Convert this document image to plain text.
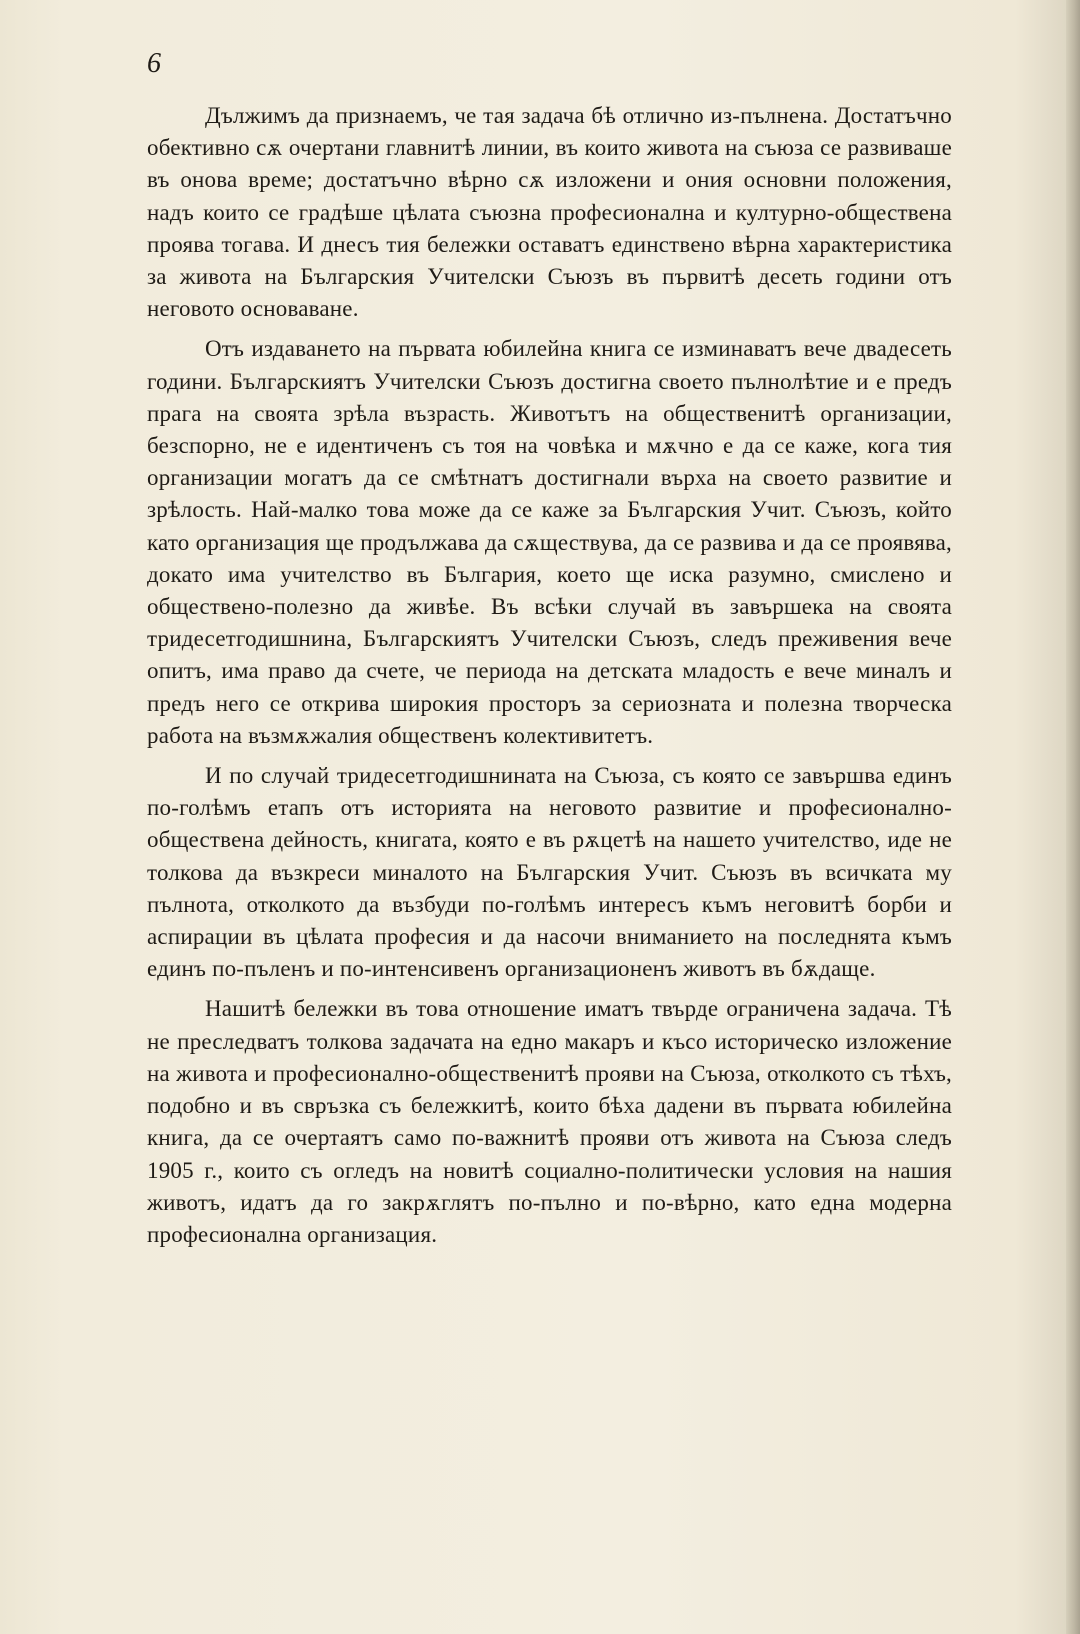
6

Дължимъ да признаемъ, че тая задача бѣ отлично из-пълнена. Достатъчно обективно сѫ очертани главнитѣ линии, въ които живота на съюза се развиваше въ онова време; достатъчно вѣрно сѫ изложени и ония основни положения, надъ които се градѣше цѣлата съюзна професионална и културно-обществена проява тогава. И днесъ тия бележки оставатъ единствено вѣрна характеристика за живота на Българския Учителски Съюзъ въ първитѣ десеть години отъ неговото основаване.

Отъ издаването на първата юбилейна книга се изминаватъ вече двадесеть години. Българскиятъ Учителски Съюзъ достигна своето пълнолѣтие и е предъ прага на своята зрѣла възрасть. Животътъ на общественитѣ организации, безспорно, не е идентиченъ съ тоя на човѣка и мѫчно е да се каже, кога тия организации могатъ да се смѣтнатъ достигнали върха на своето развитие и зрѣлость. Най-малко това може да се каже за Българския Учит. Съюзъ, който като организация ще продължава да сѫществува, да се развива и да се проявява, докато има учителство въ България, което ще иска разумно, смислено и обществено-полезно да живѣе. Въ всѣки случай въ завършека на своята тридесетгодишнина, Българскиятъ Учителски Съюзъ, следъ преживения вече опитъ, има право да счете, че периода на детската младость е вече миналъ и предъ него се открива широкия просторъ за сериозната и полезна творческа работа на възмѫжалия общественъ колективитетъ.

И по случай тридесетгодишнината на Съюза, съ която се завършва единъ по-голѣмъ етапъ отъ историята на неговото развитие и професионално-обществена дейность, книгата, която е въ рѫцетѣ на нашето учителство, иде не толкова да възкреси миналото на Българския Учит. Съюзъ въ всичката му пълнота, отколкото да възбуди по-голѣмъ интересъ къмъ неговитѣ борби и аспирации въ цѣлата професия и да насочи вниманието на последнята къмъ единъ по-пъленъ и по-интенсивенъ организационенъ животъ въ бѫдаще.

Нашитѣ бележки въ това отношение иматъ твърде ограничена задача. Тѣ не преследватъ толкова задачата на едно макаръ и късо историческо изложение на живота и професионално-общественитѣ прояви на Съюза, отколкото съ тѣхъ, подобно и въ свръзка съ бележкитѣ, които бѣха дадени въ първата юбилейна книга, да се очертаятъ само по-важнитѣ прояви отъ живота на Съюза следъ 1905 г., които съ огледъ на новитѣ социално-политически условия на нашия животъ, идатъ да го закрѫглятъ по-пълно и по-вѣрно, като една модерна професионална организация.
